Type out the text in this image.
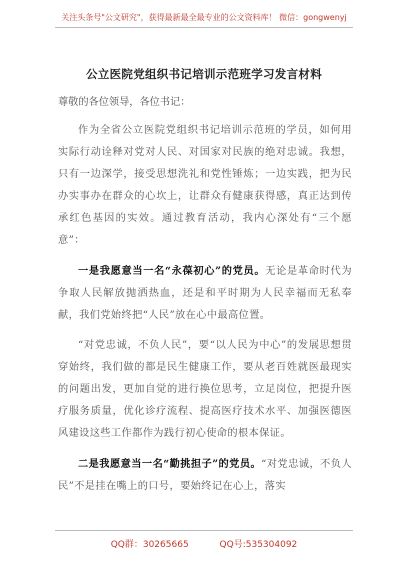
关注头条号"公文研究"，获得最新最全最专业的公文资料库！ 微信：gongwenyj
公立医院党组织书记培训示范班学习发言材料

尊敬的各位领导，各位书记：

作为全省公立医院党组织书记培训示范班的学员，如何用实际行动诠释对党对人民、对国家对民族的绝对忠诚。我想，只有一边深学，接受思想洗礼和党性锤炼；一边实践，把为民办实事办在群众的心坎上，让群众有健康获得感，真正达到传承红色基因的实效。通过教育活动，我内心深处有“三个愿意”：

一是我愿意当一名“永葆初心”的党员。无论是革命时代为争取人民解放抛洒热血，还是和平时期为人民幸福而无私奉献，我们党始终把“人民”放在心中最高位置。

“对党忠诚，不负人民”，要“以人民为中心”的发展思想贯穿始终，我们做的都是民生健康工作，要从老百姓就医最现实的问题出发，更加自觉的进行换位思考，立足岗位，把提升医疗服务质量，优化诊疗流程、提高医疗技术水平、加强医德医风建设这些工作都作为践行初心使命的根本保证。

二是我愿意当一名“勤挑担子”的党员。“对党忠诚，不负人民”不是挂在嘴上的口号，要始终记在心上，落实

QQ群：30265665	QQ号:535304092
